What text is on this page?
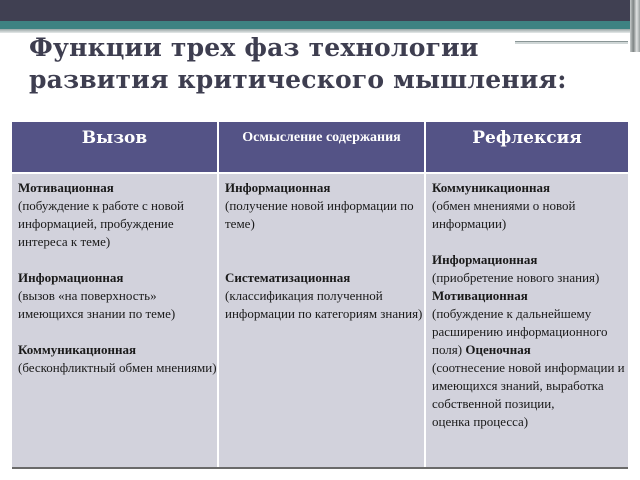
Функции трех фаз технологии развития критического мышления:
Вызов	Осмысление содержания	Рефлексия
Мотивационная
(побуждение к работе с новой информацией, пробуждение интереса к теме)
Информационная
(вызов «на поверхность» имеющихся знании по теме)
Коммуникационная
(бесконфликтный обмен мнениями)
Информационная
(получение новой информации по теме)
Систематизационная
(классификация полученной информации по категориям знания)
Коммуникационная
(обмен мнениями о новой информации)
Информационная
(приобретение нового знания)
Мотивационная
(побуждение к дальнейшему расширению информационного поля) Оценочная
(соотнесение новой информации и имеющихся знаний, выработка собственной позиции,
оценка процесса)
